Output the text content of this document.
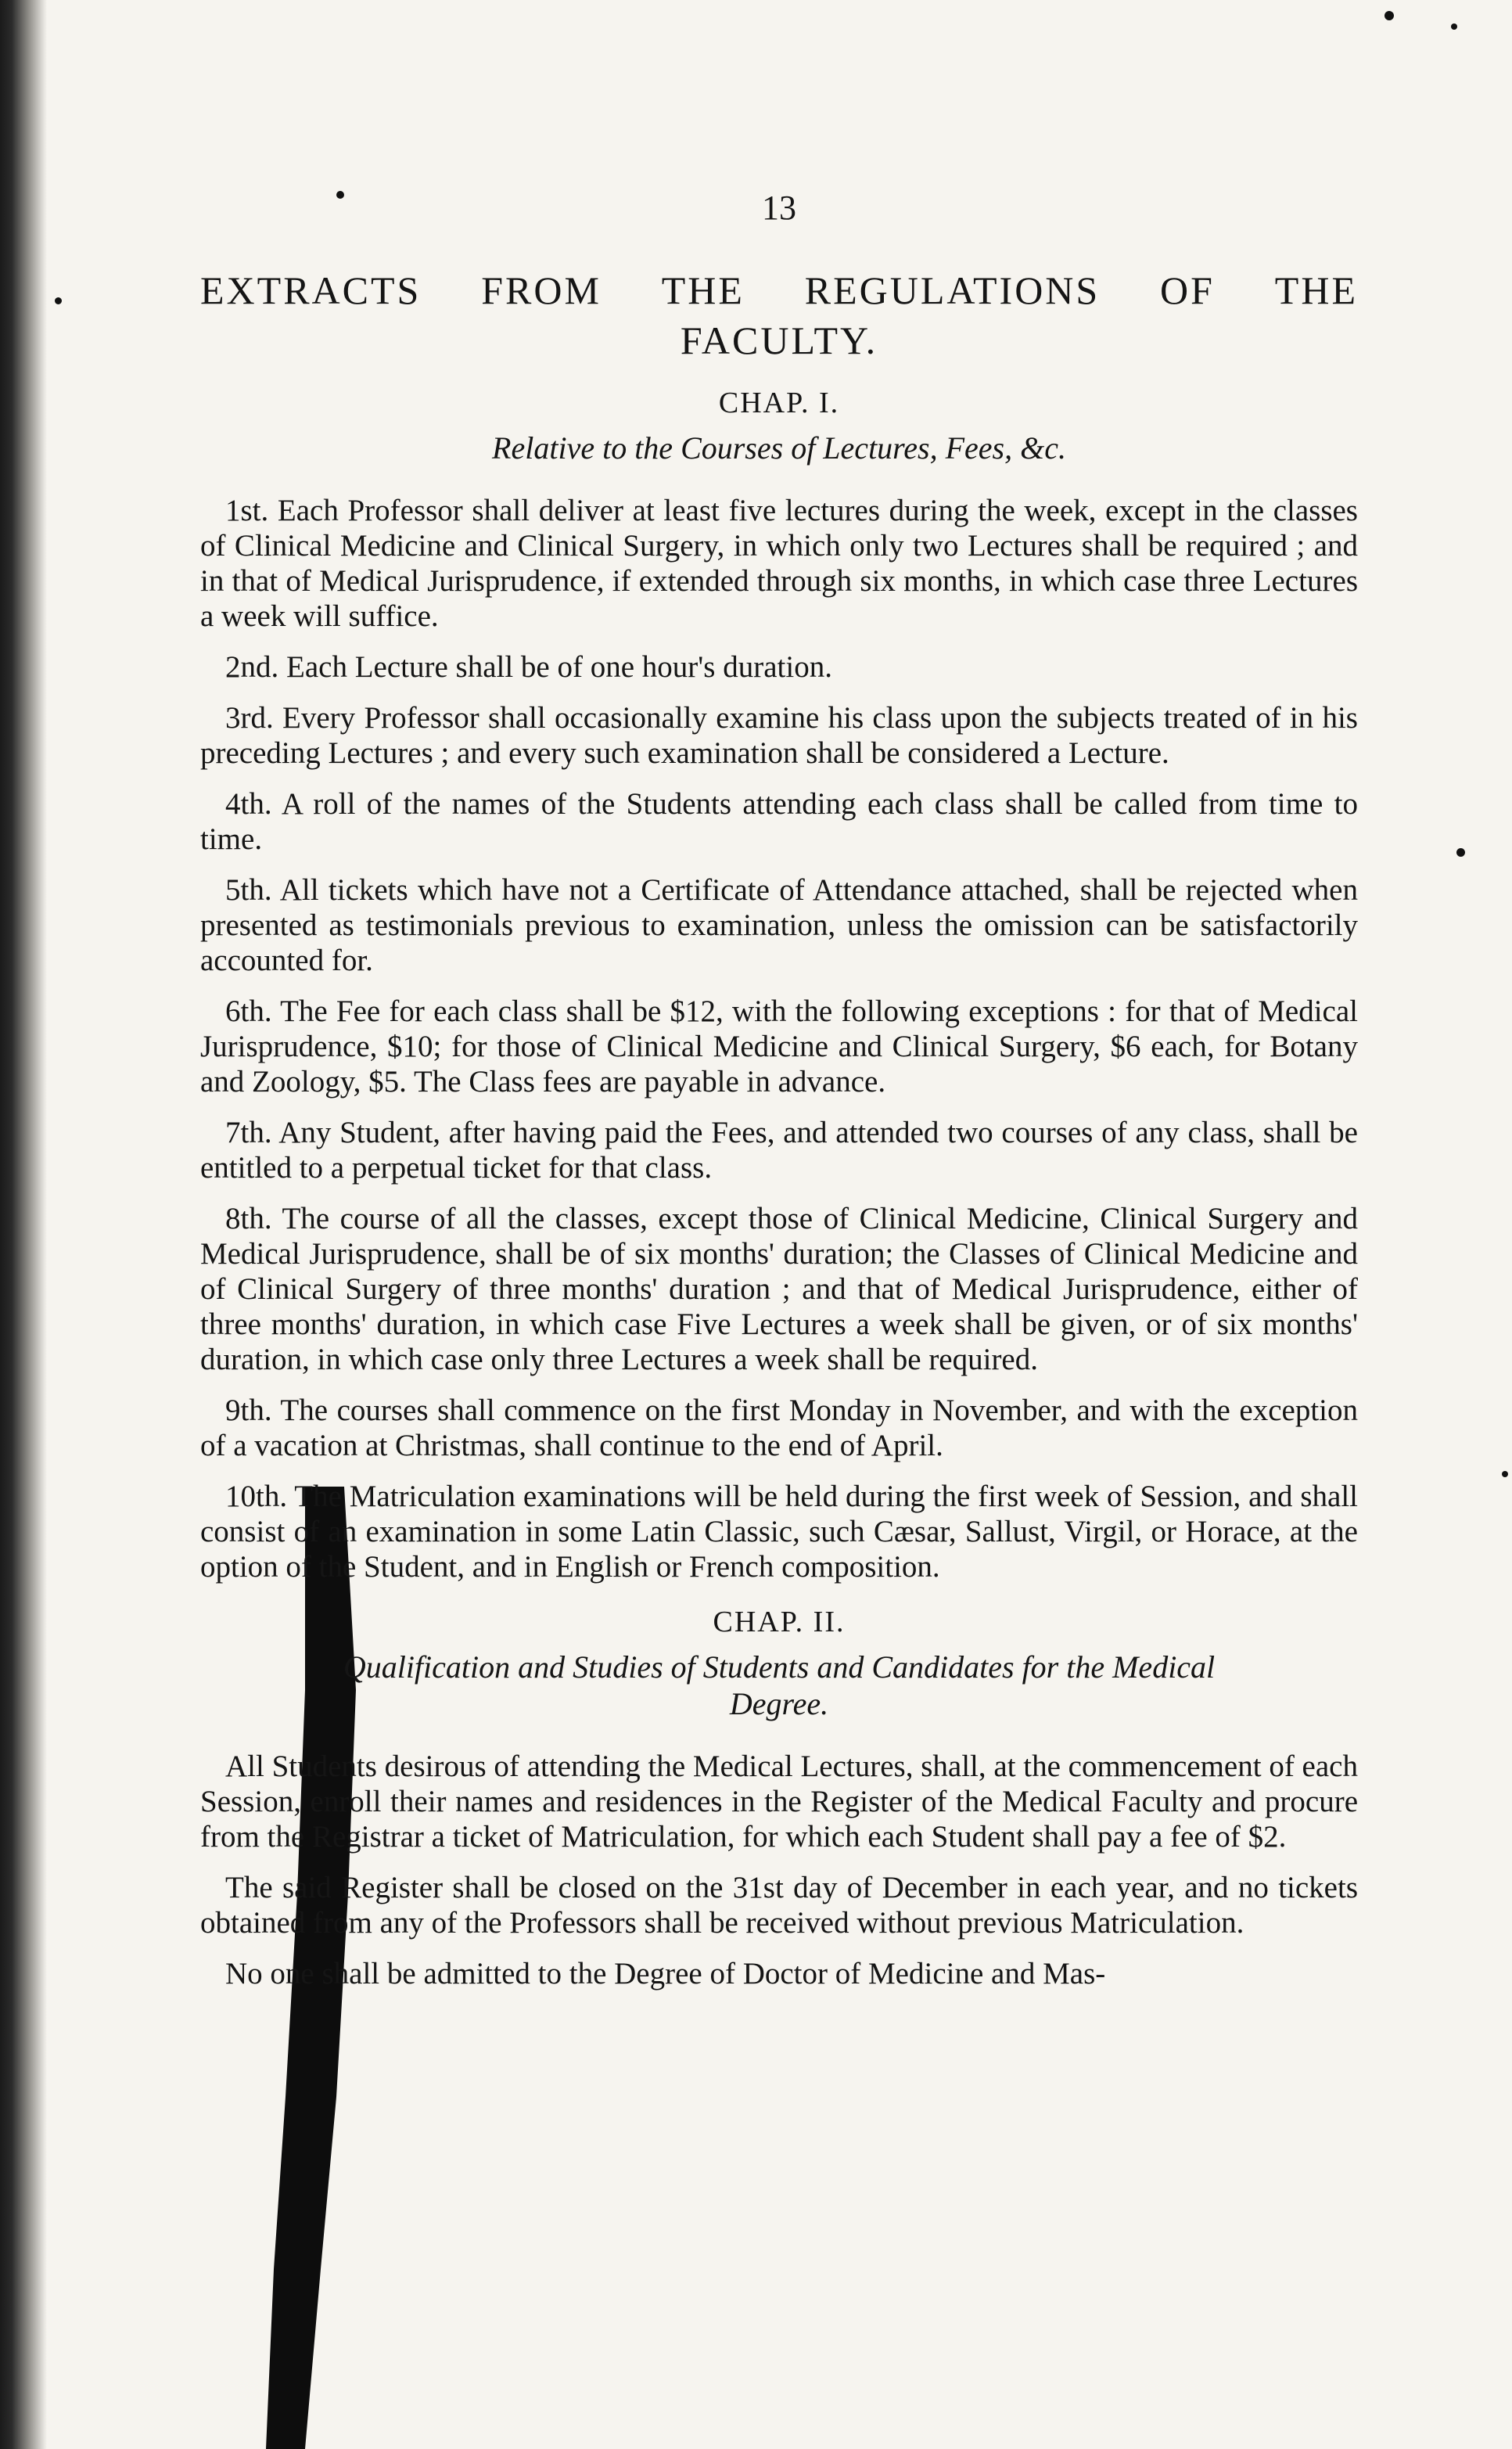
13
EXTRACTS FROM THE REGULATIONS OF THE
FACULTY.
CHAP. I.
Relative to the Courses of Lectures, Fees, &c.

1st. Each Professor shall deliver at least five lectures during the week, except in the classes of Clinical Medicine and Clinical Surgery, in which only two Lectures shall be required ; and in that of Medical Jurisprudence, if extended through six months, in which case three Lectures a week will suffice.

2nd. Each Lecture shall be of one hour's duration.

3rd. Every Professor shall occasionally examine his class upon the subjects treated of in his preceding Lectures ; and every such examination shall be considered a Lecture.

4th. A roll of the names of the Students attending each class shall be called from time to time.

5th. All tickets which have not a Certificate of Attendance attached, shall be rejected when presented as testimonials previous to examination, unless the omission can be satisfactorily accounted for.

6th. The Fee for each class shall be $12, with the following exceptions : for that of Medical Jurisprudence, $10; for those of Clinical Medicine and Clinical Surgery, $6 each, for Botany and Zoology, $5. The Class fees are payable in advance.

7th. Any Student, after having paid the Fees, and attended two courses of any class, shall be entitled to a perpetual ticket for that class.

8th. The course of all the classes, except those of Clinical Medicine, Clinical Surgery and Medical Jurisprudence, shall be of six months' duration; the Classes of Clinical Medicine and of Clinical Surgery of three months' duration ; and that of Medical Jurisprudence, either of three months' duration, in which case Five Lectures a week shall be given, or of six months' duration, in which case only three Lectures a week shall be required.

9th. The courses shall commence on the first Monday in November, and with the exception of a vacation at Christmas, shall continue to the end of April.

10th. The Matriculation examinations will be held during the first week of Session, and shall consist of an examination in some Latin Classic, such Cæsar, Sallust, Virgil, or Horace, at the option of the Student, and in English or French composition.

CHAP. II.
Qualification and Studies of Students and Candidates for the Medical
Degree.

All Students desirous of attending the Medical Lectures, shall, at the commencement of each Session, enroll their names and residences in the Register of the Medical Faculty and procure from the Registrar a ticket of Matriculation, for which each Student shall pay a fee of $2.

The said Register shall be closed on the 31st day of December in each year, and no tickets obtained from any of the Professors shall be received without previous Matriculation.

No one shall be admitted to the Degree of Doctor of Medicine and Mas-
